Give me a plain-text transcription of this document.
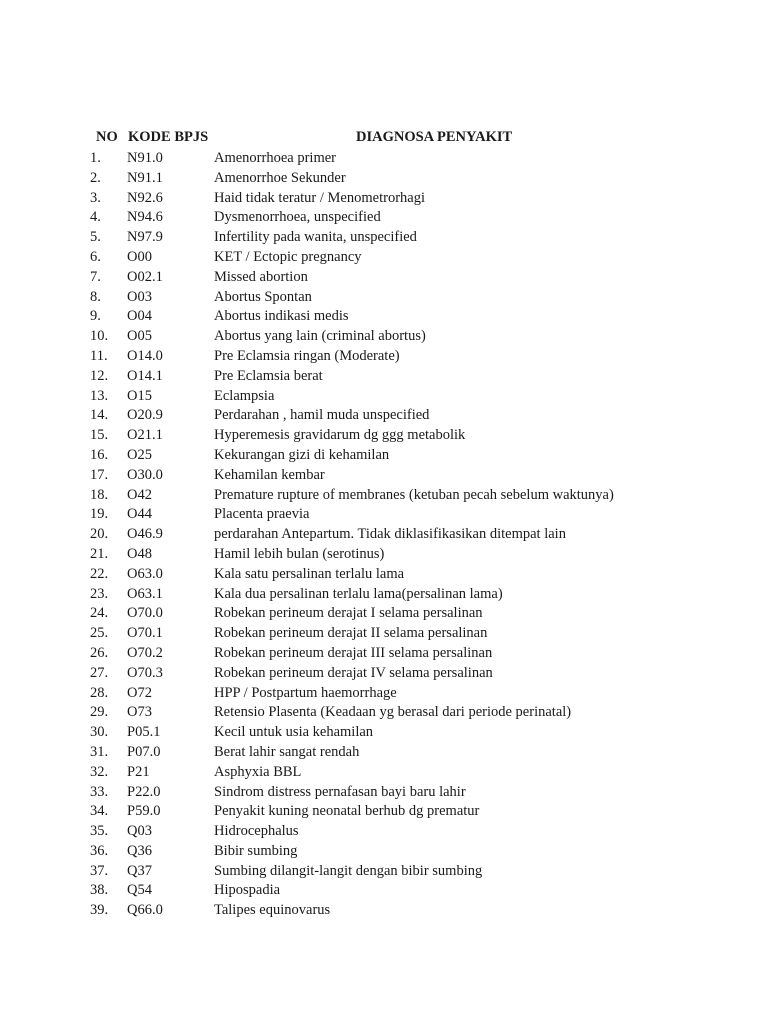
NO KODE BPJS	DIAGNOSA PENYAKIT
1. N91.0	Amenorrhoea primer
2. N91.1	Amenorrhoe Sekunder
3. N92.6	Haid tidak teratur / Menometrorhagi
4. N94.6	Dysmenorrhoea, unspecified
5. N97.9	Infertility pada wanita, unspecified
6. O00	KET / Ectopic pregnancy
7. O02.1	Missed abortion
8. O03	Abortus Spontan
9. O04	Abortus indikasi medis
10. O05	Abortus yang lain (criminal abortus)
11. O14.0	Pre Eclamsia ringan (Moderate)
12. O14.1	Pre Eclamsia berat
13. O15	Eclampsia
14. O20.9	Perdarahan , hamil muda unspecified
15. O21.1	Hyperemesis gravidarum dg ggg metabolik
16. O25	Kekurangan gizi di kehamilan
17. O30.0	Kehamilan kembar
18. O42	Premature rupture of membranes (ketuban pecah sebelum waktunya)
19. O44	Placenta praevia
20. O46.9	perdarahan Antepartum. Tidak diklasifikasikan ditempat lain
21. O48	Hamil lebih bulan (serotinus)
22. O63.0	Kala satu persalinan terlalu lama
23. O63.1	Kala dua persalinan terlalu lama(persalinan lama)
24. O70.0	Robekan perineum derajat I selama persalinan
25. O70.1	Robekan perineum derajat II selama persalinan
26. O70.2	Robekan perineum derajat III selama persalinan
27. O70.3	Robekan perineum derajat IV selama persalinan
28. O72	HPP / Postpartum haemorrhage
29. O73	Retensio Plasenta (Keadaan yg berasal dari periode perinatal)
30. P05.1	Kecil untuk usia kehamilan
31. P07.0	Berat lahir sangat rendah
32. P21	Asphyxia BBL
33. P22.0	Sindrom distress pernafasan bayi baru lahir
34. P59.0	Penyakit kuning neonatal berhub dg prematur
35. Q03	Hidrocephalus
36. Q36	Bibir sumbing
37. Q37	Sumbing dilangit-langit dengan bibir sumbing
38. Q54	Hipospadia
39. Q66.0	Talipes equinovarus
